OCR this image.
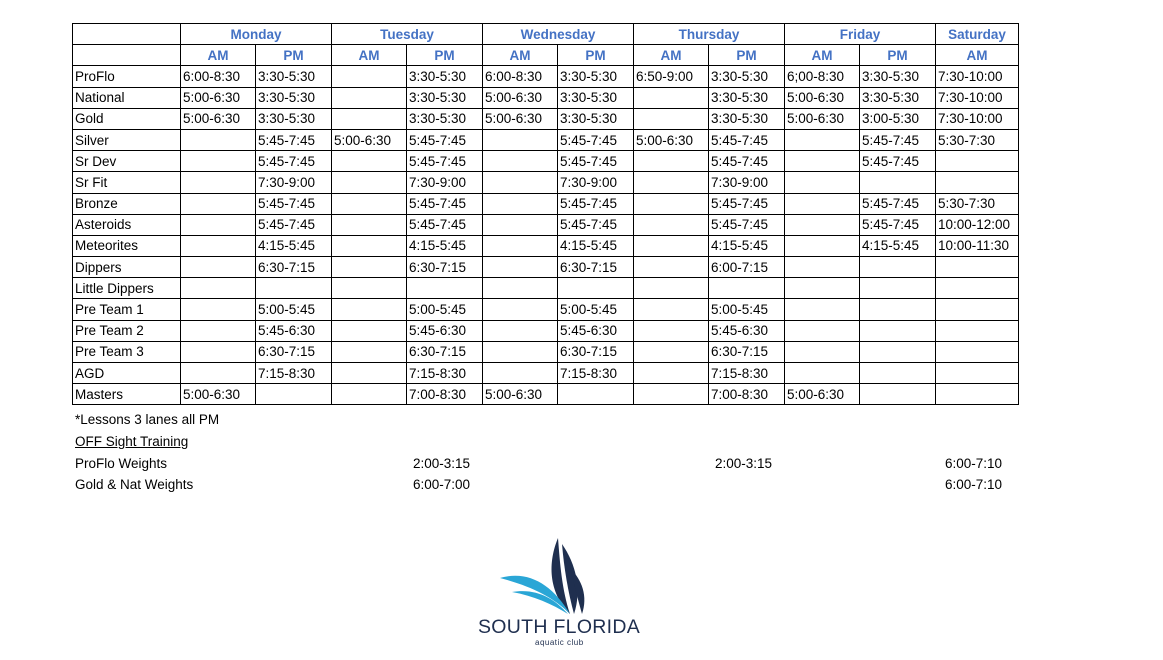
	Monday		Tuesday		Wednesday		Thursday		Friday		Saturday
	AM	PM	AM	PM	AM	PM	AM	PM	AM	PM	AM
ProFlo	6:00-8:30	3:30-5:30		3:30-5:30	6:00-8:30	3:30-5:30	6:50-9:00	3:30-5:30	6;00-8:30	3:30-5:30	7:30-10:00
National	5:00-6:30	3:30-5:30		3:30-5:30	5:00-6:30	3:30-5:30		3:30-5:30	5:00-6:30	3:30-5:30	7:30-10:00
Gold	5:00-6:30	3:30-5:30		3:30-5:30	5:00-6:30	3:30-5:30		3:30-5:30	5:00-6:30	3:00-5:30	7:30-10:00
Silver		5:45-7:45	5:00-6:30	5:45-7:45		5:45-7:45	5:00-6:30	5:45-7:45		5:45-7:45	5:30-7:30
Sr Dev		5:45-7:45		5:45-7:45		5:45-7:45		5:45-7:45		5:45-7:45	
Sr Fit		7:30-9:00		7:30-9:00		7:30-9:00		7:30-9:00			
Bronze		5:45-7:45		5:45-7:45		5:45-7:45		5:45-7:45		5:45-7:45	5:30-7:30
Asteroids		5:45-7:45		5:45-7:45		5:45-7:45		5:45-7:45		5:45-7:45	10:00-12:00
Meteorites		4:15-5:45		4:15-5:45		4:15-5:45		4:15-5:45		4:15-5:45	10:00-11:30
Dippers		6:30-7:15		6:30-7:15		6:30-7:15		6:00-7:15			
Little Dippers											
Pre Team 1		5:00-5:45		5:00-5:45		5:00-5:45		5:00-5:45			
Pre Team 2		5:45-6:30		5:45-6:30		5:45-6:30		5:45-6:30			
Pre Team 3		6:30-7:15		6:30-7:15		6:30-7:15		6:30-7:15			
AGD		7:15-8:30		7:15-8:30		7:15-8:30		7:15-8:30			
Masters	5:00-6:30			7:00-8:30	5:00-6:30			7:00-8:30	5:00-6:30		
*Lessons 3 lanes all PM
OFF Sight Training
ProFlo Weights	2:00-3:15	2:00-3:15	6:00-7:10
Gold & Nat Weights	6:00-7:00	6:00-7:10
SOUTH FLORIDA
aquatic club
